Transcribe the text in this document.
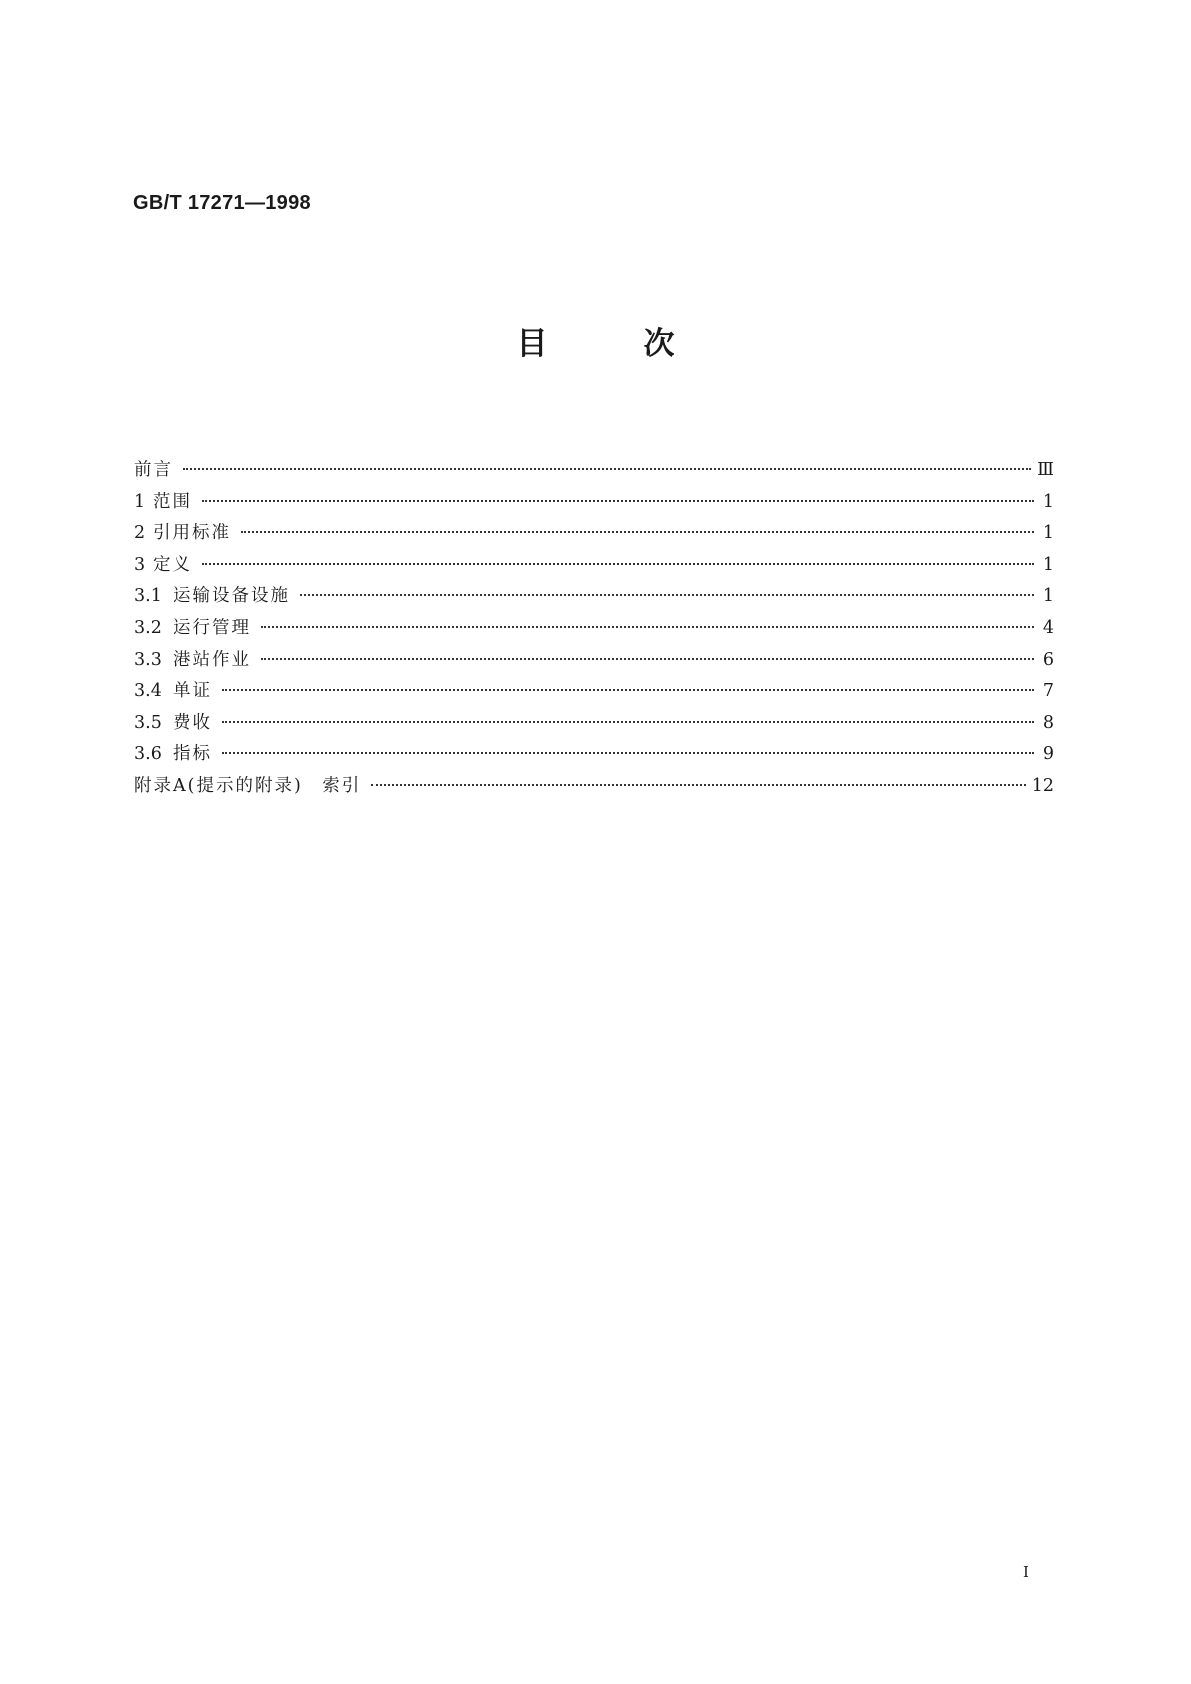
GB/T 17271—1998
目次
前言	Ⅲ
1 范围	1
2 引用标准	1
3 定义	1
3.1 运输设备设施	1
3.2 运行管理	4
3.3 港站作业	6
3.4 单证	7
3.5 费收	8
3.6 指标	9
附录A(提示的附录)　索引	12
I
